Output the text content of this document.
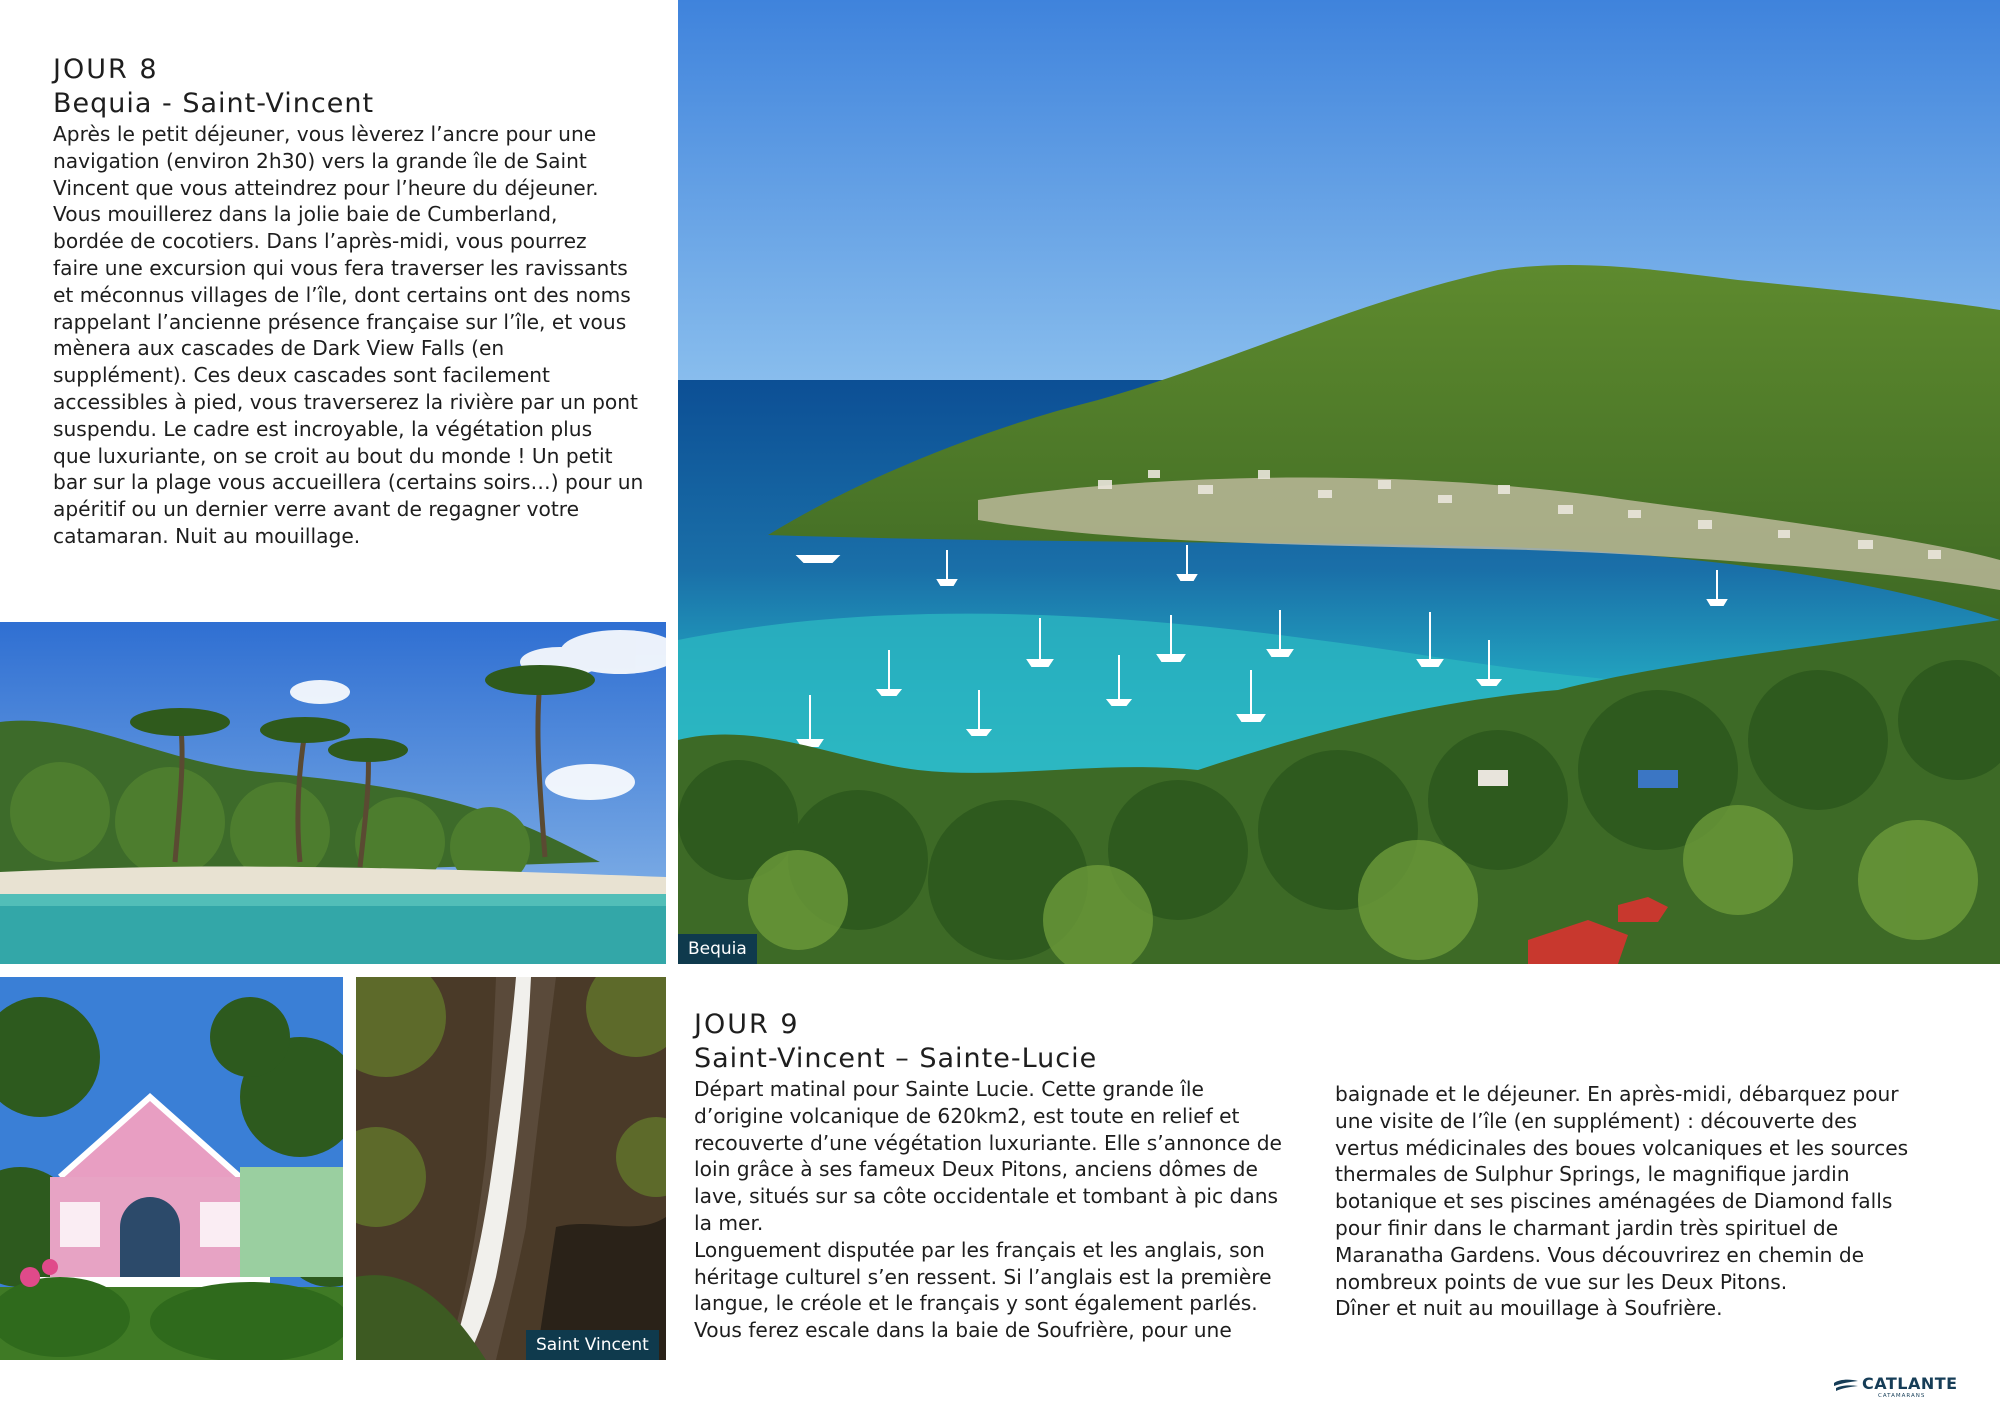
JOUR 8
Bequia - Saint-Vincent

Après le petit déjeuner, vous lèverez l’ancre pour une
navigation (environ 2h30) vers la grande île de Saint
Vincent que vous atteindrez pour l’heure du déjeuner.
Vous mouillerez dans la jolie baie de Cumberland,
bordée de cocotiers. Dans l’après-midi, vous pourrez
faire une excursion qui vous fera traverser les ravissants
et méconnus villages de l’île, dont certains ont des noms
rappelant l’ancienne présence française sur l’île, et vous
mènera aux cascades de Dark View Falls (en
supplément). Ces deux cascades sont facilement
accessibles à pied, vous traverserez la rivière par un pont
suspendu. Le cadre est incroyable, la végétation plus
que luxuriante, on se croit au bout du monde ! Un petit
bar sur la plage vous accueillera (certains soirs…) pour un
apéritif ou un dernier verre avant de regagner votre
catamaran. Nuit au mouillage.

Bequia
Saint Vincent
JOUR 9
Saint-Vincent – Sainte-Lucie

Départ matinal pour Sainte Lucie. Cette grande île
d’origine volcanique de 620km2, est toute en relief et
recouverte d’une végétation luxuriante. Elle s’annonce de
loin grâce à ses fameux Deux Pitons, anciens dômes de
lave, situés sur sa côte occidentale et tombant à pic dans
la mer.
Longuement disputée par les français et les anglais, son
héritage culturel s’en ressent. Si l’anglais est la première
langue, le créole et le français y sont également parlés.
Vous ferez escale dans la baie de Soufrière, pour une

baignade et le déjeuner. En après-midi, débarquez pour
une visite de l’île (en supplément) : découverte des
vertus médicinales des boues volcaniques et les sources
thermales de Sulphur Springs, le magnifique jardin
botanique et ses piscines aménagées de Diamond falls
pour finir dans le charmant jardin très spirituel de
Maranatha Gardens. Vous découvrirez en chemin de
nombreux points de vue sur les Deux Pitons.
Dîner et nuit au mouillage à Soufrière.

CATLANTE
CATAMARANS
